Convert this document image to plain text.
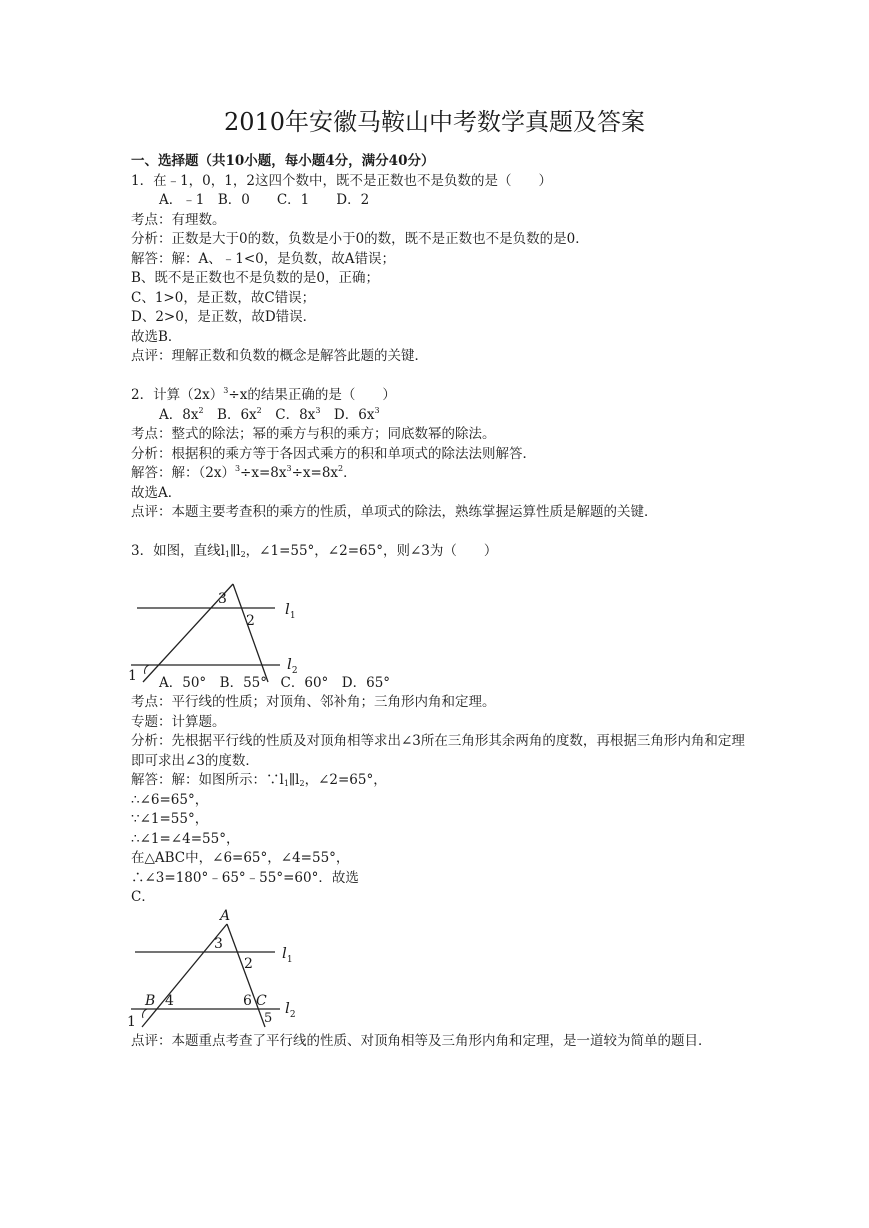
2010年安徽马鞍山中考数学真题及答案
一、选择题（共10小题，每小题4分，满分40分）
1．在﹣1，0，1，2这四个数中，既不是正数也不是负数的是（　　）
A．﹣1　B．0　　C．1　　D．2
考点：有理数。
分析：正数是大于0的数，负数是小于0的数，既不是正数也不是负数的是0．
解答：解：A、﹣1<0，是负数，故A错误；
B、既不是正数也不是负数的是0，正确；
C、1>0，是正数，故C错误；
D、2>0，是正数，故D错误．
故选B．
点评：理解正数和负数的概念是解答此题的关键．
2．计算$(2x)^3\div x$的结果正确的是（　　）
A．$8x^2$　 B．$6x^2$　 C．$8x^3$　 D．$6x^3$
考点：整式的除法；幂的乘方与积的乘方；同底数幂的除法。
分析：根据积的乘方等于各因式乘方的积和单项式的除法法则解答．
解答：解：$(2x)^3\div x=8x^3\div x=8x^2$．
故选A．
点评：本题主要考查积的乘方的性质，单项式的除法，熟练掌握运算性质是解题的关键．
3．如图，直线$l_1\parallel l_2$，∠1=55°，∠2=65°，则∠3为（　　）
3
2
1
$l_1$
$l_2$
A．50°　B．55°　C．60°　D．65°
考点：平行线的性质；对顶角、邻补角；三角形内角和定理。
专题：计算题。
分析：先根据平行线的性质及对顶角相等求出∠3所在三角形其余两角的度数，再根据三角形内角和定理即可求出∠3的度数．
解答：解：如图所示：$\because l_1\parallel l_2$，∠2=65°，
∴∠6=65°，
∵∠1=55°，
∴∠1=∠4=55°，
在△ABC中，∠6=65°，∠4=55°，
∴∠3=180°﹣65°﹣55°=60°．故选
C．
A
3
2
B 4	6 C
5
1
$l_1$
$l_2$
点评：本题重点考查了平行线的性质、对顶角相等及三角形内角和定理，是一道较为简单的题目．
